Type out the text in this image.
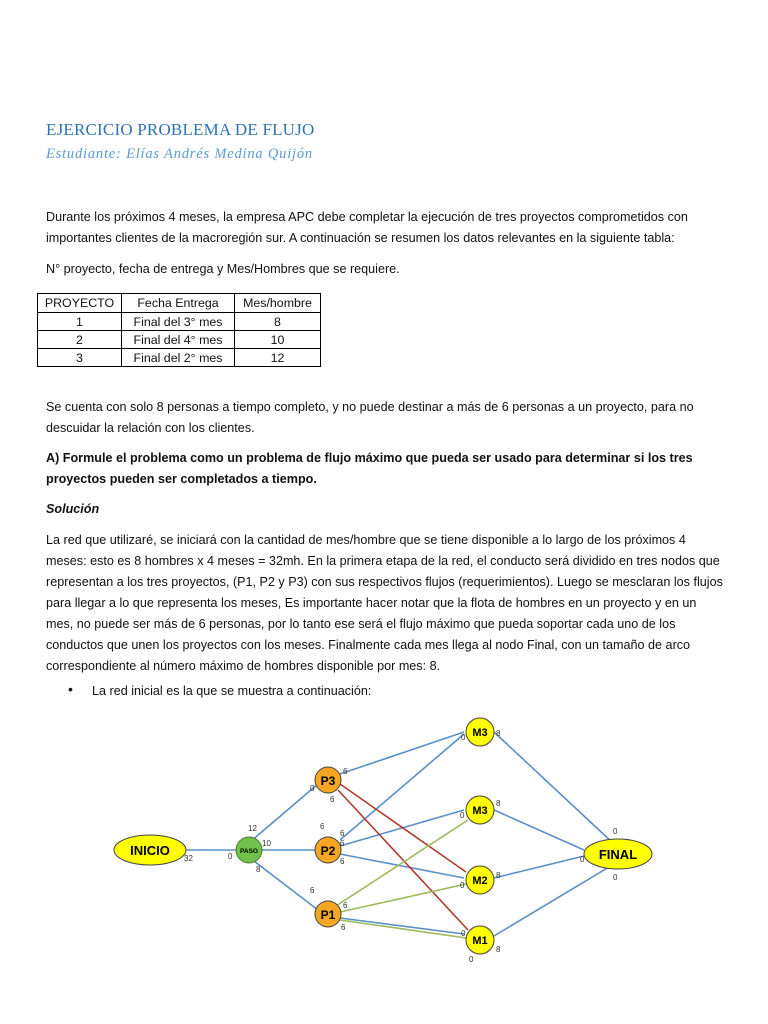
EJERCICIO PROBLEMA DE FLUJO
Estudiante: Elías Andrés Medina Quijón
Durante los próximos 4 meses, la empresa APC debe completar la ejecución de tres proyectos comprometidos con
importantes clientes de la macroregión sur. A continuación se resumen los datos relevantes en la siguiente tabla:
N° proyecto, fecha de entrega y Mes/Hombres que se requiere.
PROYECTO	Fecha Entrega	Mes/hombre
1	Final del 3° mes	8
2	Final del 4° mes	10
3	Final del 2° mes	12
Se cuenta con solo 8 personas a tiempo completo, y no puede destinar a más de 6 personas a un proyecto, para no
descuidar la relación con los clientes.
A) Formule el problema como un problema de flujo máximo que pueda ser usado para determinar si los tres
proyectos pueden ser completados a tiempo.
Solución
La red que utilizaré, se iniciará con la cantidad de mes/hombre que se tiene disponible a lo largo de los próximos 4
meses: esto es 8 hombres x 4 meses = 32mh. En la primera etapa de la red, el conducto será dividido en tres nodos que
representan a los tres proyectos, (P1, P2 y P3) con sus respectivos flujos (requerimientos). Luego se mesclaran los flujos
para llegar a lo que representa los meses, Es importante hacer notar que la flota de hombres en un proyecto y en un
mes, no puede ser más de 6 personas, por lo tanto ese será el flujo máximo que pueda soportar cada uno de los
conductos que unen los proyectos con los meses. Finalmente cada mes llega al nodo Final, con un tamaño de arco
correspondiente al número máximo de hombres disponible por mes: 8.
• La red inicial es la que se muestra a continuación:
INICIO	PASO
P3
P2
P1
M3
M3
M2
M1
FINAL
32	0
12
10
8
0
6
6
6
6
6
6
6
6
6
0	8
0
8
0
8
0
8
0
0
0
0
